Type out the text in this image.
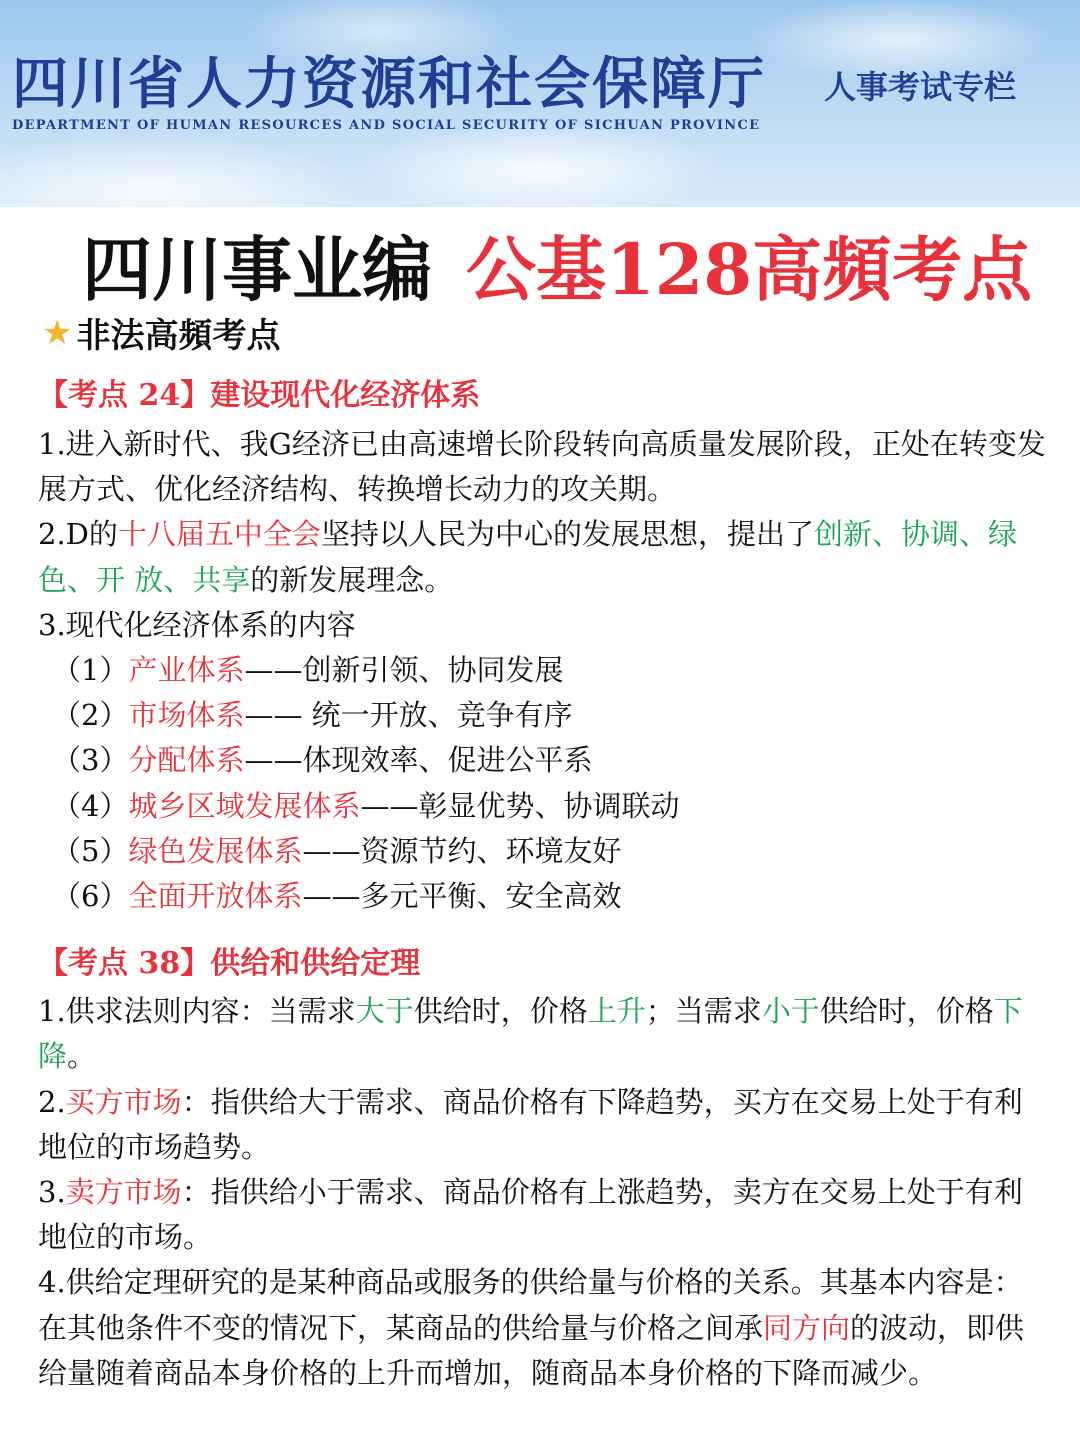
四川省人力资源和社会保障厅
DEPARTMENT OF HUMAN RESOURCES AND SOCIAL SECURITY OF SICHUAN PROVINCE
人事考试专栏
四川事业编 公基128高頻考点
★ 非法高頻考点
【考点 24】建设现代化经济体系

1.进入新时代、我G经济已由高速增长阶段转向高质量发展阶段，正处在转变发展方式、优化经济结构、转换增长动力的攻关期。

2.D的十八届五中全会坚持以人民为中心的发展思想，提出了创新、协调、绿色、开 放、共享的新发展理念。

3.现代化经济体系的内容

（1）产业体系——创新引领、协同发展

（2）市场体系—— 统一开放、竞争有序

（3）分配体系——体现效率、促进公平系

（4）城乡区域发展体系——彰显优势、协调联动

（5）绿色发展体系——资源节约、环境友好

（6）全面开放体系——多元平衡、安全高效

【考点 38】供给和供给定理

1.供求法则内容：当需求大于供给时，价格上升；当需求小于供给时，价格下降。

2.买方市场：指供给大于需求、商品价格有下降趋势，买方在交易上处于有利地位的市场趋势。

3.卖方市场：指供给小于需求、商品价格有上涨趋势，卖方在交易上处于有利地位的市场。

4.供给定理研究的是某种商品或服务的供给量与价格的关系。其基本内容是：在其他条件不变的情况下，某商品的供给量与价格之间承同方向的波动，即供给量随着商品本身价格的上升而增加，随商品本身价格的下降而减少。
